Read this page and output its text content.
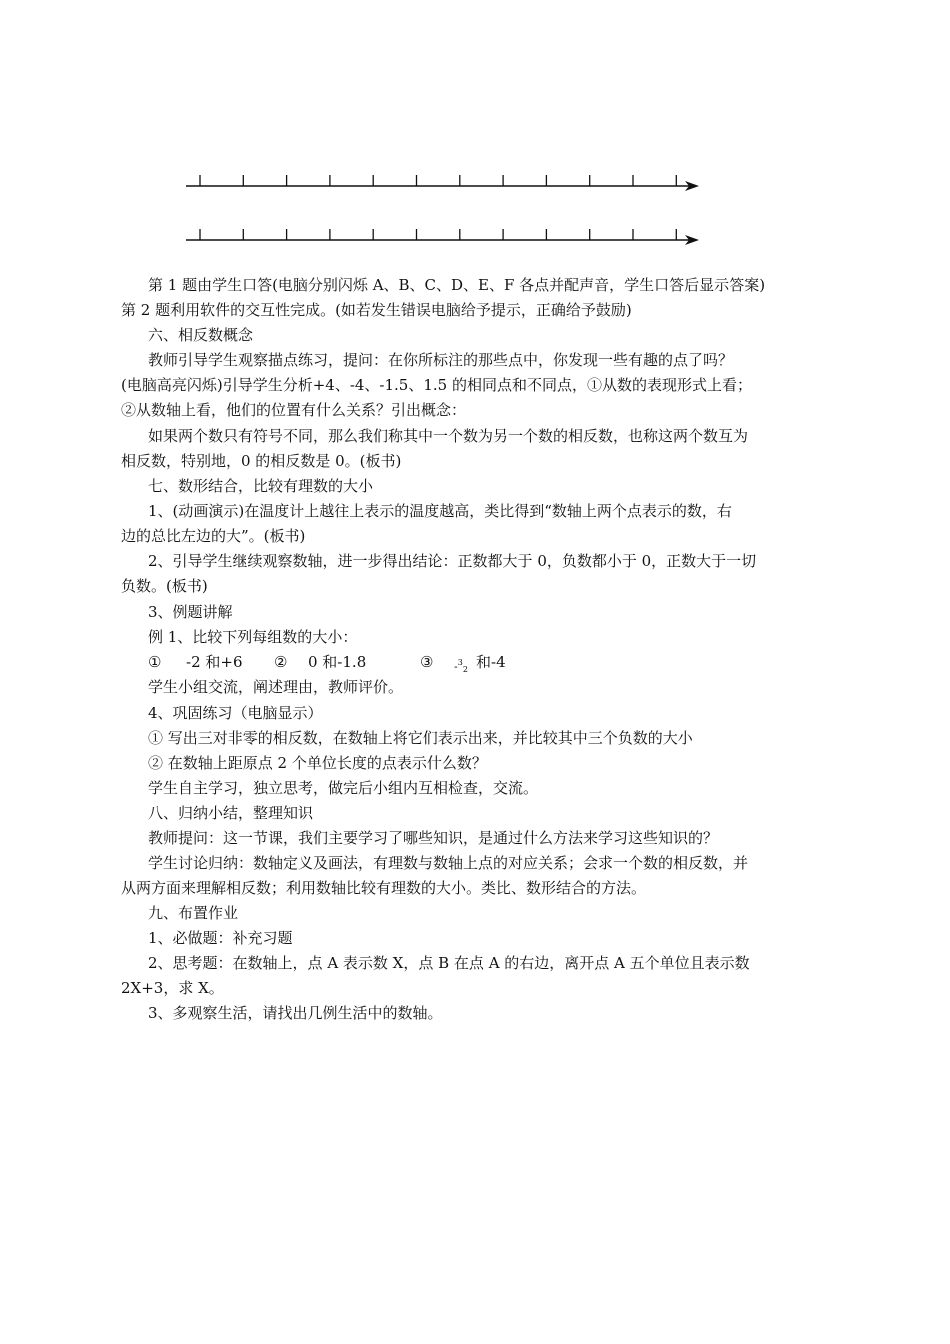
第 1 题由学生口答(电脑分别闪烁 A、B、C、D、E、F 各点并配声音，学生口答后显示答案)
第 2 题利用软件的交互性完成。(如若发生错误电脑给予提示，正确给予鼓励)
六、相反数概念
教师引导学生观察描点练习，提问：在你所标注的那些点中，你发现一些有趣的点了吗？
(电脑高亮闪烁)引导学生分析+4、-4、-1.5、1.5 的相同点和不同点，①从数的表现形式上看；
②从数轴上看，他们的位置有什么关系？引出概念：
如果两个数只有符号不同，那么我们称其中一个数为另一个数的相反数，也称这两个数互为
相反数，特别地，0 的相反数是 0。(板书)
七、数形结合，比较有理数的大小
1、(动画演示)在温度计上越往上表示的温度越高，类比得到“数轴上两个点表示的数，右
边的总比左边的大”。(板书)
2、引导学生继续观察数轴，进一步得出结论：正数都大于 0，负数都小于 0，正数大于一切
负数。(板书)
3、例题讲解
例 1、比较下列每组数的大小：
① -2 和+6 ② 0 和-1.8	③ -$^3$2 和-4
学生小组交流，阐述理由，教师评价。
4、巩固练习（电脑显示）
① 写出三对非零的相反数，在数轴上将它们表示出来，并比较其中三个负数的大小
② 在数轴上距原点 2 个单位长度的点表示什么数？
学生自主学习，独立思考，做完后小组内互相检查，交流。
八、归纳小结，整理知识
教师提问：这一节课，我们主要学习了哪些知识，是通过什么方法来学习这些知识的？
学生讨论归纳：数轴定义及画法，有理数与数轴上点的对应关系；会求一个数的相反数，并
从两方面来理解相反数；利用数轴比较有理数的大小。类比、数形结合的方法。
九、布置作业
1、必做题：补充习题
2、思考题：在数轴上，点 A 表示数 X，点 B 在点 A 的右边，离开点 A 五个单位且表示数
2X+3，求 X。
3、多观察生活，请找出几例生活中的数轴。
